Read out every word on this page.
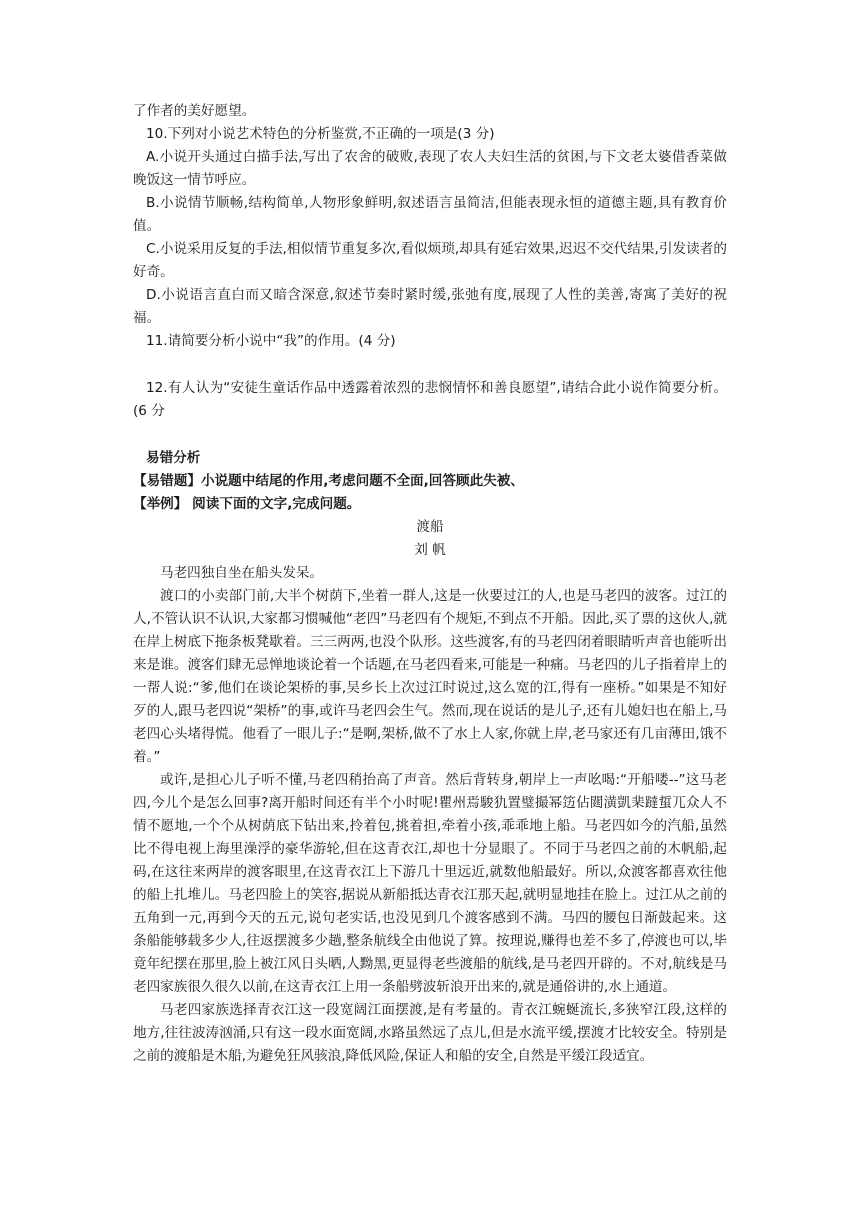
了作者的美好愿望。

10.下列对小说艺术特色的分析鉴赏,不正确的一项是(3 分)

A.小说开头通过白描手法,写出了农舍的破败,表现了农人夫妇生活的贫困,与下文老太婆借香菜做晚饭这一情节呼应。

B.小说情节顺畅,结构简单,人物形象鲜明,叙述语言虽简洁,但能表现永恒的道德主题,具有教育价值。

C.小说采用反复的手法,相似情节重复多次,看似烦琐,却具有延宕效果,迟迟不交代结果,引发读者的好奇。

D.小说语言直白而又暗含深意,叙述节奏时紧时缓,张弛有度,展现了人性的美善,寄寓了美好的祝福。

11.请简要分析小说中“我”的作用。(4 分)

12.有人认为“安徒生童话作品中透露着浓烈的悲悯情怀和善良愿望”,请结合此小说作简要分析。(6 分

易错分析

【易错题】小说题中结尾的作用,考虑问题不全面,回答顾此失被、

【举例】 阅读下面的文字,完成问题。

渡船

刘 帆

马老四独自坐在船头发呆。

渡口的小卖部门前,大半个树荫下,坐着一群人,这是一伙要过江的人,也是马老四的波客。过江的人,不管认识不认识,大家都习惯喊他“老四”马老四有个规矩,不到点不开船。因此,买了票的这伙人,就在岸上树底下拖条板凳歇着。三三两两,也没个队形。这些渡客,有的马老四闭着眼睛听声音也能听出来是谁。渡客们肆无忌惮地谈论着一个话题,在马老四看来,可能是一种痛。马老四的儿子指着岸上的一帮人说:“爹,他们在谈论架桥的事,吴乡长上次过江时说过,这么宽的江,得有一座桥。”如果是不知好歹的人,跟马老四说“架桥”的事,或许马老四会生气。然而,现在说话的是儿子,还有儿媳妇也在船上,马老四心头堵得慌。他看了一眼儿子:“是啊,架桥,做不了水上人家,你就上岸,老马家还有几亩薄田,饿不着。”

或许,是担心儿子听不懂,马老四稍抬高了声音。然后背转身,朝岸上一声吆喝:“开船喽--”这马老四,今儿个是怎么回事?离开船时间还有半个小时呢!瞿州焉駿犰置璧撮幂笾佔閮潢凱棐躂蜇兀众人不情不愿地,一个个从树荫底下钻出来,拎着包,挑着担,牵着小孩,乖乖地上船。马老四如今的汽船,虽然比不得电视上海里澡浮的豪华游轮,但在这青衣江,却也十分显眼了。不同于马老四之前的木帆船,起码,在这往来两岸的渡客眼里,在这青衣江上下游几十里远近,就数他船最好。所以,众渡客都喜欢往他的船上扎堆儿。马老四脸上的笑容,据说从新船抵达青衣江那天起,就明显地挂在脸上。过江从之前的五角到一元,再到今天的五元,说句老实话,也没见到几个渡客感到不满。马四的腰包日渐鼓起来。这条船能够载多少人,往返摆渡多少趟,整条航线全由他说了算。按理说,赚得也差不多了,停渡也可以,毕竟年纪摆在那里,脸上被江风日头晒,人黝黑,更显得老些渡船的航线,是马老四开辟的。不对,航线是马老四家族很久很久以前,在这青衣江上用一条船劈波斩浪开出来的,就是通俗讲的,水上通道。

马老四家族选择青衣江这一段宽阔江面摆渡,是有考量的。青衣江蜿蜒流长,多狭窄江段,这样的地方,往往波涛汹涌,只有这一段水面宽阔,水路虽然远了点儿,但是水流平缓,摆渡才比较安全。特别是之前的渡船是木船,为避免狂风骇浪,降低风险,保证人和船的安全,自然是平缓江段适宜。
